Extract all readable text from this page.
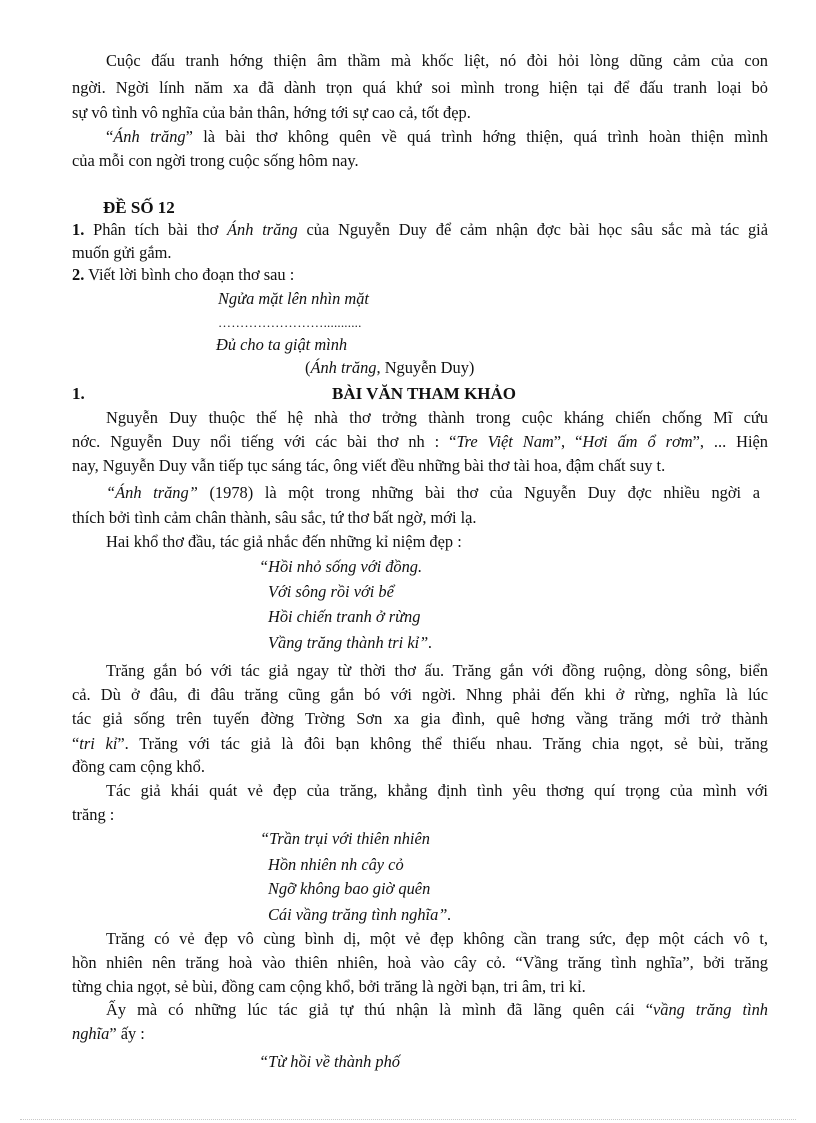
Cuộc đấu tranh hớng thiện âm thầm mà khốc liệt, nó đòi hỏi lòng dũng cảm của con
ngời. Ngời lính năm xa đã dành trọn quá khứ soi mình trong hiện tại để đấu tranh loại bỏ
sự vô tình vô nghĩa của bản thân, hớng tới sự cao cả, tốt đẹp.
“Ánh trăng” là bài thơ không quên về quá trình hớng thiện, quá trình hoàn thiện mình
của mỗi con ngời trong cuộc sống hôm nay.
ĐỀ SỐ 12
1. Phân tích bài thơ Ánh trăng của Nguyễn Duy để cảm nhận đợc bài học sâu sắc mà tác giả
muốn gửi gắm.
2. Viết lời bình cho đoạn thơ sau :
Ngửa mặt lên nhìn mặt
……………………...........
Đủ cho ta giật mình
(Ánh trăng, Nguyễn Duy)
1.	BÀI VĂN THAM KHẢO
Nguyễn Duy thuộc thế hệ nhà thơ trởng thành trong cuộc kháng chiến chống Mĩ cứu
nớc. Nguyễn Duy nổi tiếng với các bài thơ nh : “Tre Việt Nam”, “Hơi ấm ổ rơm”, ... Hiện
nay, Nguyễn Duy vẫn tiếp tục sáng tác, ông viết đều những bài thơ tài hoa, đậm chất suy t.
“Ánh trăng” (1978) là một trong những bài thơ của Nguyễn Duy đợc nhiều ngời a
thích bởi tình cảm chân thành, sâu sắc, tứ thơ bất ngờ, mới lạ.
Hai khổ thơ đầu, tác giả nhắc đến những kỉ niệm đẹp :
“Hồi nhỏ sống với đồng.
Với sông rồi với bể
Hồi chiến tranh ở rừng
Vầng trăng thành tri kỉ”.
Trăng gắn bó với tác giả ngay từ thời thơ ấu. Trăng gắn với đồng ruộng, dòng sông, biển
cả. Dù ở đâu, đi đâu trăng cũng gắn bó với ngời. Nhng phải đến khi ở rừng, nghĩa là lúc
tác giả sống trên tuyến đờng Trờng Sơn xa gia đình, quê hơng vầng trăng mới trở thành
“tri kỉ”. Trăng với tác giả là đôi bạn không thể thiếu nhau. Trăng chia ngọt, sẻ bùi, trăng
đồng cam cộng khổ.
Tác giả khái quát vẻ đẹp của trăng, khẳng định tình yêu thơng quí trọng của mình với
trăng :
“Trần trụi với thiên nhiên
Hồn nhiên nh cây cỏ
Ngỡ không bao giờ quên
Cái vầng trăng tình nghĩa”.
Trăng có vẻ đẹp vô cùng bình dị, một vẻ đẹp không cần trang sức, đẹp một cách vô t,
hồn nhiên nên trăng hoà vào thiên nhiên, hoà vào cây cỏ. “Vầng trăng tình nghĩa”, bởi trăng
từng chia ngọt, sẻ bùi, đồng cam cộng khổ, bởi trăng là ngời bạn, tri âm, tri kỉ.
Ấy mà có những lúc tác giả tự thú nhận là mình đã lãng quên cái “vầng trăng tình
nghĩa” ấy :
“Từ hồi về thành phố
